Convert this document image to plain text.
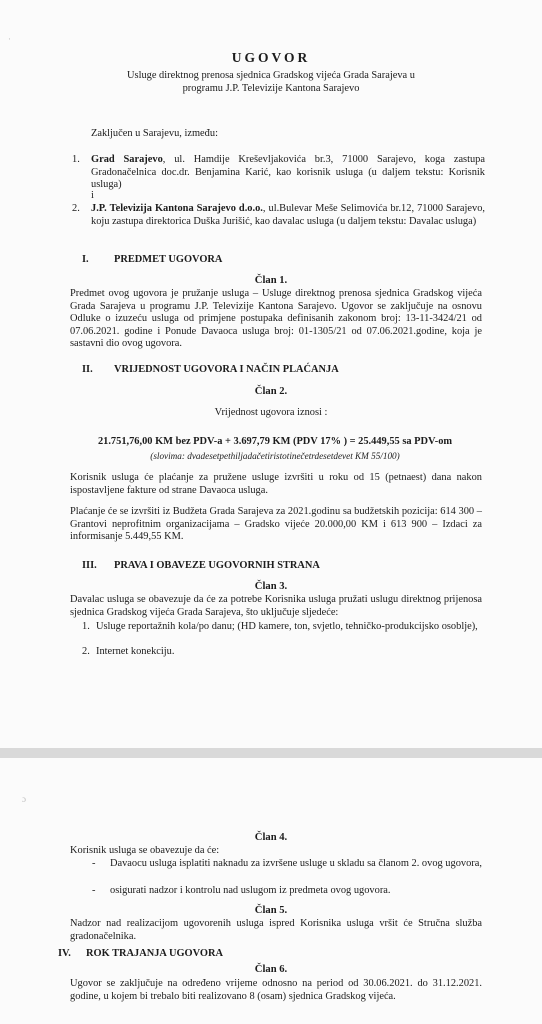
·
UGOVOR
Usluge direktnog prenosa sjednica Gradskog vijeća Grada Sarajeva u programu J.P. Televizije Kantona Sarajevo
Zaključen u Sarajevu, između:
1. Grad Sarajevo, ul. Hamdije Kreševljakovića br.3, 71000 Sarajevo, koga zastupa Gradonačelnica doc.dr. Benjamina Karić, kao korisnik usluga (u daljem tekstu: Korisnik usluga)
i
2. J.P. Televizija Kantona Sarajevo d.o.o., ul.Bulevar Meše Selimovića br.12, 71000 Sarajevo, koju zastupa direktorica Duška Jurišić, kao davalac usluga (u daljem tekstu: Davalac usluga)
I. PREDMET UGOVORA
Član 1.
Predmet ovog ugovora je pružanje usluga – Usluge direktnog prenosa sjednica Gradskog vijeća Grada Sarajeva u programu J.P. Televizije Kantona Sarajevo. Ugovor se zaključuje na osnovu Odluke o izuzeću usluga od primjene postupaka definisanih zakonom broj: 13-11-3424/21 od 07.06.2021. godine i Ponude Davaoca usluga broj: 01-1305/21 od 07.06.2021.godine, koja je sastavni dio ovog ugovora.
II. VRIJEDNOST UGOVORA I NAČIN PLAĆANJA
Član 2.
Vrijednost ugovora iznosi :
21.751,76,00 KM bez PDV-a + 3.697,79 KM (PDV 17% ) = 25.449,55 sa PDV-om
(slovima: dvadesetpethiljadačetiristotinečetrdesetdevet KM 55/100)
Korisnik usluga će plaćanje za pružene usluge izvršiti u roku od 15 (petnaest) dana nakon ispostavljene fakture od strane Davaoca usluga.
Plaćanje će se izvršiti iz Budžeta Grada Sarajeva za 2021.godinu sa budžetskih pozicija: 614 300 – Grantovi neprofitnim organizacijama – Gradsko vijeće 20.000,00 KM i 613 900 – Izdaci za informisanje 5.449,55 KM.
III. PRAVA I OBAVEZE UGOVORNIH STRANA
Član 3.
Davalac usluga se obavezuje da će za potrebe Korisnika usluga pružati uslugu direktnog prijenosa sjednica Gradskog vijeća Grada Sarajeva, što uključuje sljedeće:
1. Usluge reportažnih kola/po danu; (HD kamere, ton, svjetlo, tehničko-produkcijsko osoblje),
2. Internet konekciju.
ɔ
Član 4.
Korisnik usluga se obavezuje da će:
- Davaocu usluga isplatiti naknadu za izvršene usluge u skladu sa članom 2. ovog ugovora,
- osigurati nadzor i kontrolu nad uslugom iz predmeta ovog ugovora.
Član 5.
Nadzor nad realizacijom ugovorenih usluga ispred Korisnika usluga vršit će Stručna služba gradonačelnika.
IV. ROK TRAJANJA UGOVORA
Član 6.
Ugovor se zaključuje na određeno vrijeme odnosno na period od 30.06.2021. do 31.12.2021. godine, u kojem bi trebalo biti realizovano 8 (osam) sjednica Gradskog vijeća.
